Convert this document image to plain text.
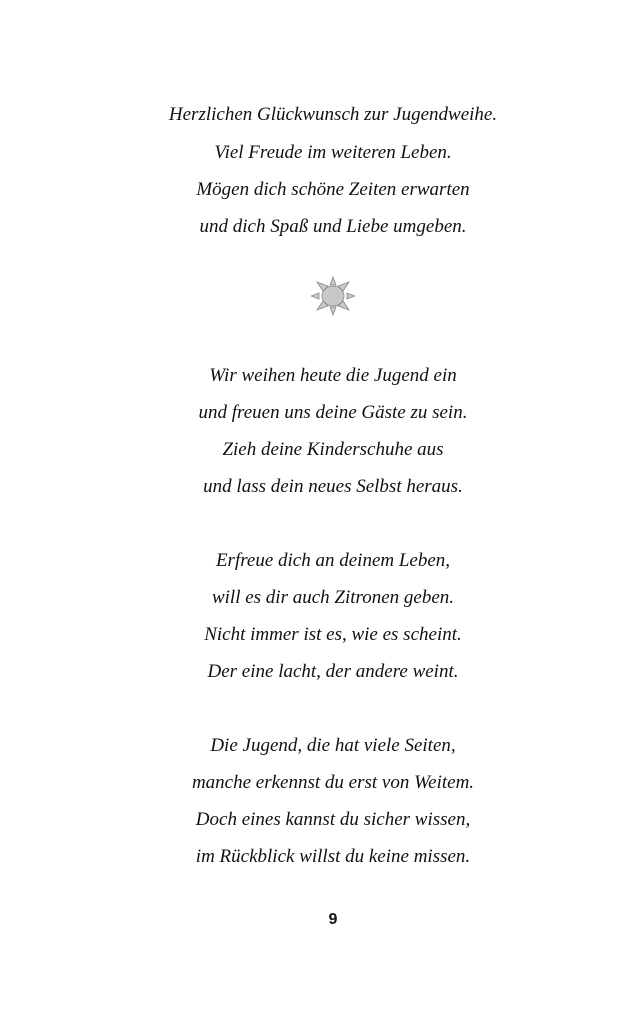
Herzlichen Glückwunsch zur Jugendweihe.
Viel Freude im weiteren Leben.
Mögen dich schöne Zeiten erwarten
und dich Spaß und Liebe umgeben.
Wir weihen heute die Jugend ein
und freuen uns deine Gäste zu sein.
Zieh deine Kinderschuhe aus
und lass dein neues Selbst heraus.
Erfreue dich an deinem Leben,
will es dir auch Zitronen geben.
Nicht immer ist es, wie es scheint.
Der eine lacht, der andere weint.
Die Jugend, die hat viele Seiten,
manche erkennst du erst von Weitem.
Doch eines kannst du sicher wissen,
im Rückblick willst du keine missen.
9
